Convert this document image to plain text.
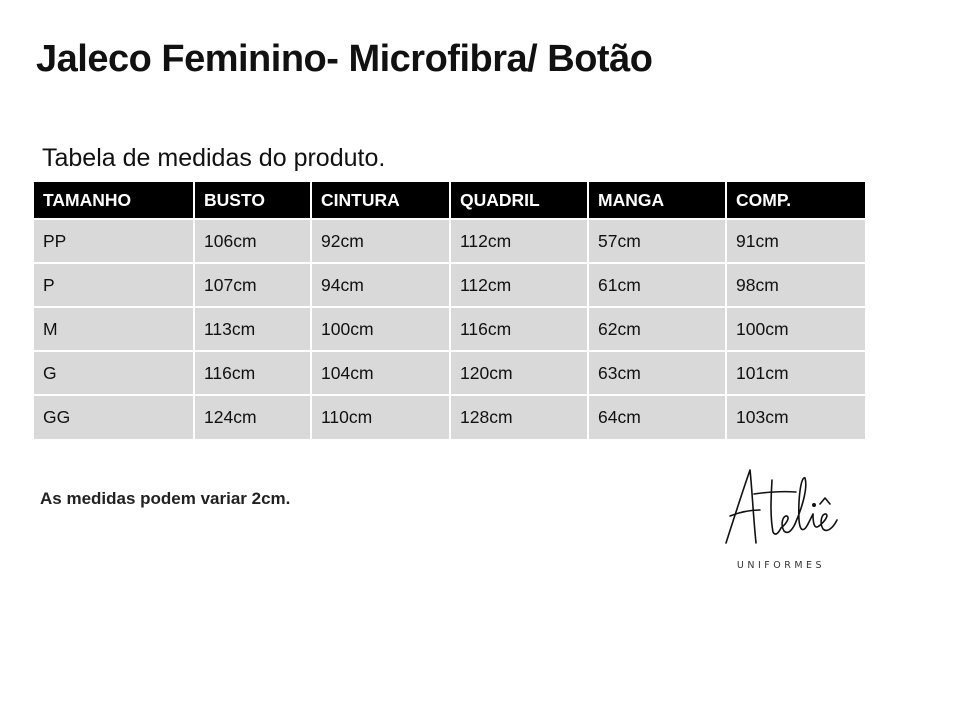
Jaleco Feminino- Microfibra/ Botão
Tabela de medidas do produto.
TAMANHO	BUSTO	CINTURA	QUADRIL	MANGA	COMP.
PP	106cm	92cm	112cm	57cm	91cm
P	107cm	94cm	112cm	61cm	98cm
M	113cm	100cm	116cm	62cm	100cm
G	116cm	104cm	120cm	63cm	101cm
GG	124cm	110cm	128cm	64cm	103cm
As medidas podem variar 2cm.
UNIFORMES
